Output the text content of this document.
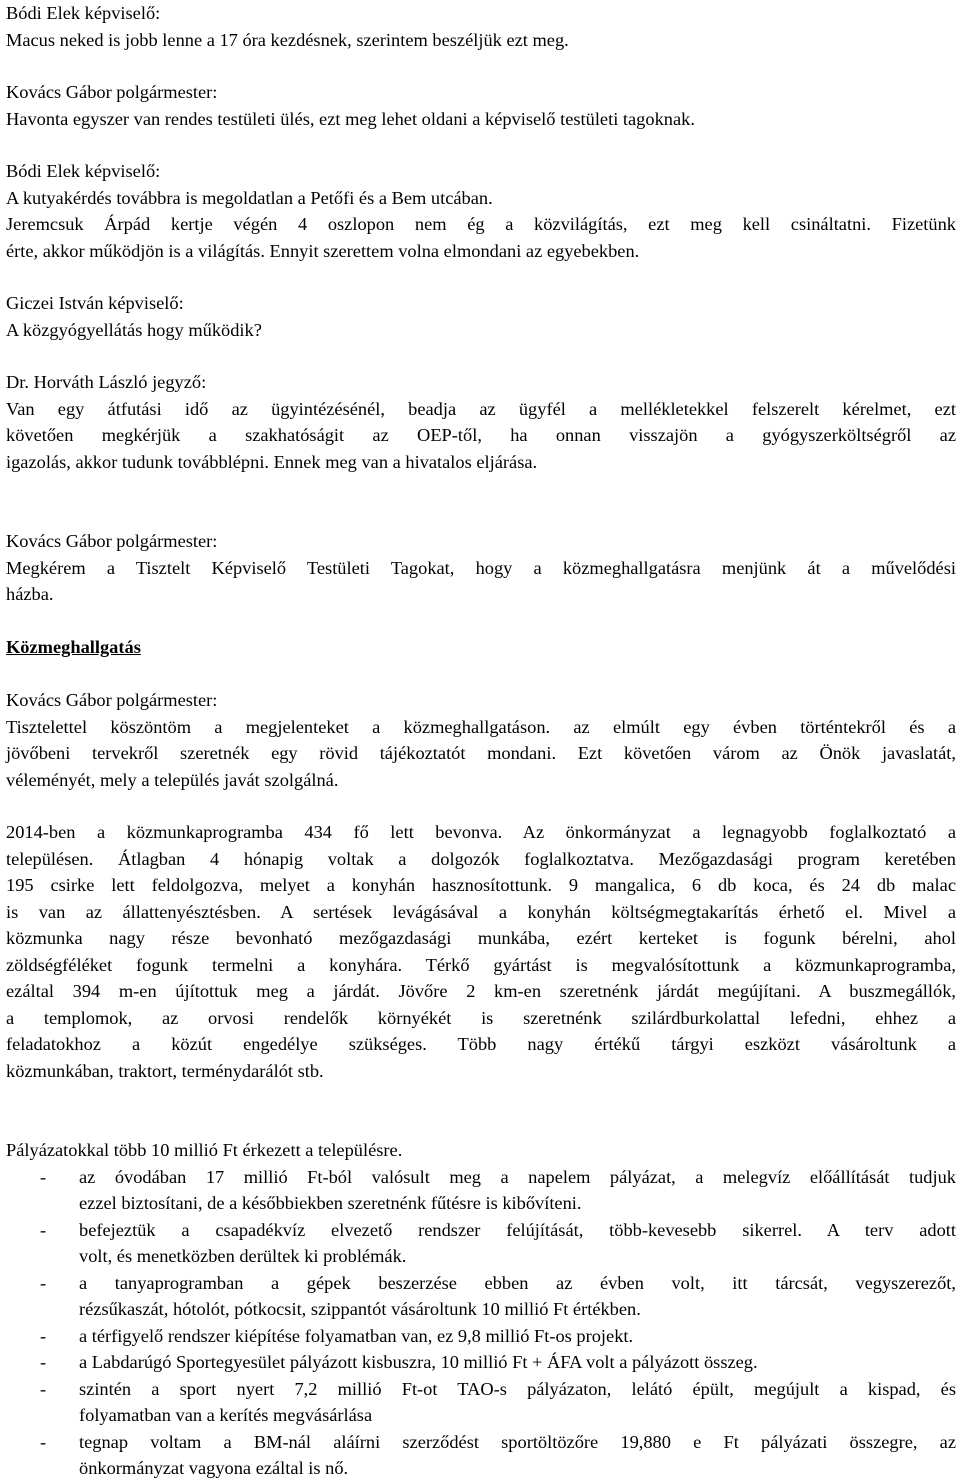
Bódi Elek képviselő:
Macus neked is jobb lenne a 17 óra kezdésnek, szerintem beszéljük ezt meg.
Kovács Gábor polgármester:
Havonta egyszer van rendes testületi ülés, ezt meg lehet oldani a képviselő testületi tagoknak.
Bódi Elek képviselő:
A kutyakérdés továbbra is megoldatlan a Petőfi és a Bem utcában.
Jeremcsuk Árpád kertje végén 4 oszlopon nem ég a közvilágítás, ezt meg kell csináltatni. Fizetünk
érte, akkor működjön is a világítás. Ennyit szerettem volna elmondani az egyebekben.
Giczei István képviselő:
A közgyógyellátás hogy működik?
Dr. Horváth László jegyző:
Van egy átfutási idő az ügyintézésénél, beadja az ügyfél a mellékletekkel felszerelt kérelmet, ezt
követően megkérjük a szakhatóságit az OEP-től, ha onnan visszajön a gyógyszerköltségről az
igazolás, akkor tudunk továbblépni. Ennek meg van a hivatalos eljárása.
Kovács Gábor polgármester:
Megkérem a Tisztelt Képviselő Testületi Tagokat, hogy a közmeghallgatásra menjünk át a művelődési
házba.
Kovács Gábor polgármester:
Tisztelettel köszöntöm a megjelenteket a közmeghallgatáson. az elmúlt egy évben történtekről és a
jövőbeni tervekről szeretnék egy rövid tájékoztatót mondani. Ezt követően várom az Önök javaslatát,
véleményét, mely a település javát szolgálná.
2014-ben a közmunkaprogramba 434 fő lett bevonva. Az önkormányzat a legnagyobb foglalkoztató a
településen. Átlagban 4 hónapig voltak a dolgozók foglalkoztatva. Mezőgazdasági program keretében
195 csirke lett feldolgozva, melyet a konyhán hasznosítottunk. 9 mangalica, 6 db koca, és 24 db malac
is van az állattenyésztésben. A sertések levágásával a konyhán költségmegtakarítás érhető el. Mivel a
közmunka nagy része bevonható mezőgazdasági munkába, ezért kerteket is fogunk bérelni, ahol
zöldségféléket fogunk termelni a konyhára. Térkő gyártást is megvalósítottunk a közmunkaprogramba,
ezáltal 394 m-en újítottuk meg a járdát. Jövőre 2 km-en szeretnénk járdát megújítani. A buszmegállók,
a templomok, az orvosi rendelők környékét is szeretnénk szilárdburkolattal lefedni, ehhez a
feladatokhoz a közút engedélye szükséges. Több nagy értékű tárgyi eszközt vásároltunk a
közmunkában, traktort, terménydarálót stb.
Pályázatokkal több 10 millió Ft érkezett a településre.
Közmeghallgatás
- az óvodában 17 millió Ft-ból valósult meg a napelem pályázat, a melegvíz előállítását tudjuk
ezzel biztosítani, de a későbbiekben szeretnénk fűtésre is kibővíteni.
- befejeztük a csapadékvíz elvezető rendszer felújítását, több-kevesebb sikerrel. A terv adott
volt, és menetközben derültek ki problémák.
- a tanyaprogramban a gépek beszerzése ebben az évben volt, itt tárcsát, vegyszerezőt,
rézsűkaszát, hótolót, pótkocsit, szippantót vásároltunk 10 millió Ft értékben.
- a térfigyelő rendszer kiépítése folyamatban van, ez 9,8 millió Ft-os projekt.
- a Labdarúgó Sportegyesület pályázott kisbuszra, 10 millió Ft + ÁFA volt a pályázott összeg.
- szintén a sport nyert 7,2 millió Ft-ot TAO-s pályázaton, lelátó épült, megújult a kispad, és
folyamatban van a kerítés megvásárlása
- tegnap voltam a BM-nál aláírni szerződést sportöltözőre 19,880 e Ft pályázati összegre, az
önkormányzat vagyona ezáltal is nő.
